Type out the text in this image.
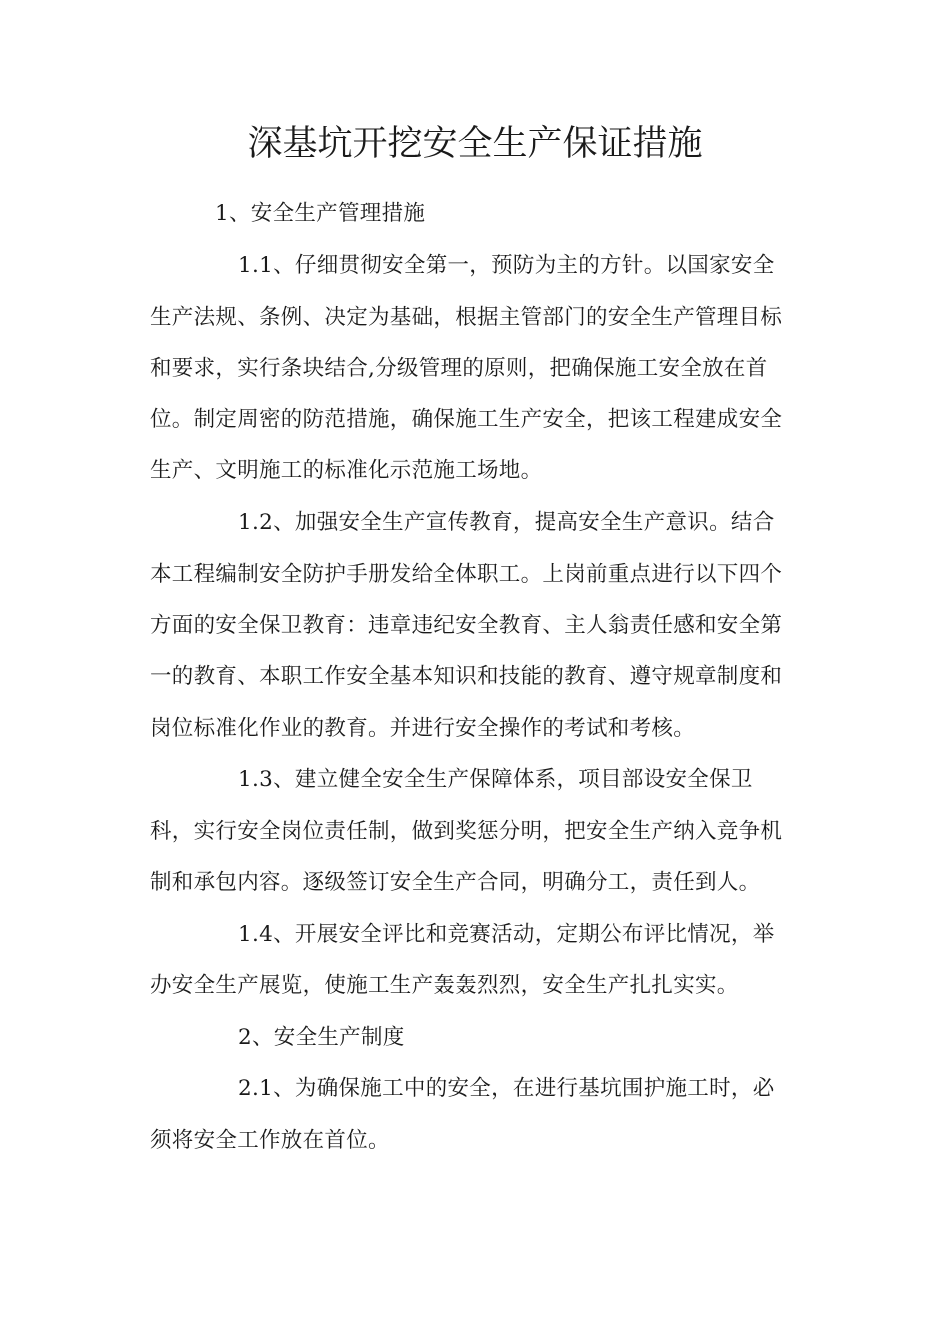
深基坑开挖安全生产保证措施
1、安全生产管理措施
1.1、仔细贯彻安全第一，预防为主的方针。以国家安全
生产法规、条例、决定为基础，根据主管部门的安全生产管理目标
和要求，实行条块结合,分级管理的原则，把确保施工安全放在首
位。制定周密的防范措施，确保施工生产安全，把该工程建成安全
生产、文明施工的标准化示范施工场地。
1.2、加强安全生产宣传教育，提高安全生产意识。结合
本工程编制安全防护手册发给全体职工。上岗前重点进行以下四个
方面的安全保卫教育：违章违纪安全教育、主人翁责任感和安全第
一的教育、本职工作安全基本知识和技能的教育、遵守规章制度和
岗位标准化作业的教育。并进行安全操作的考试和考核。
1.3、建立健全安全生产保障体系，项目部设安全保卫
科，实行安全岗位责任制，做到奖惩分明，把安全生产纳入竞争机
制和承包内容。逐级签订安全生产合同，明确分工，责任到人。
1.4、开展安全评比和竞赛活动，定期公布评比情况，举
办安全生产展览，使施工生产轰轰烈烈，安全生产扎扎实实。
2、安全生产制度
2.1、为确保施工中的安全，在进行基坑围护施工时，必
须将安全工作放在首位。
